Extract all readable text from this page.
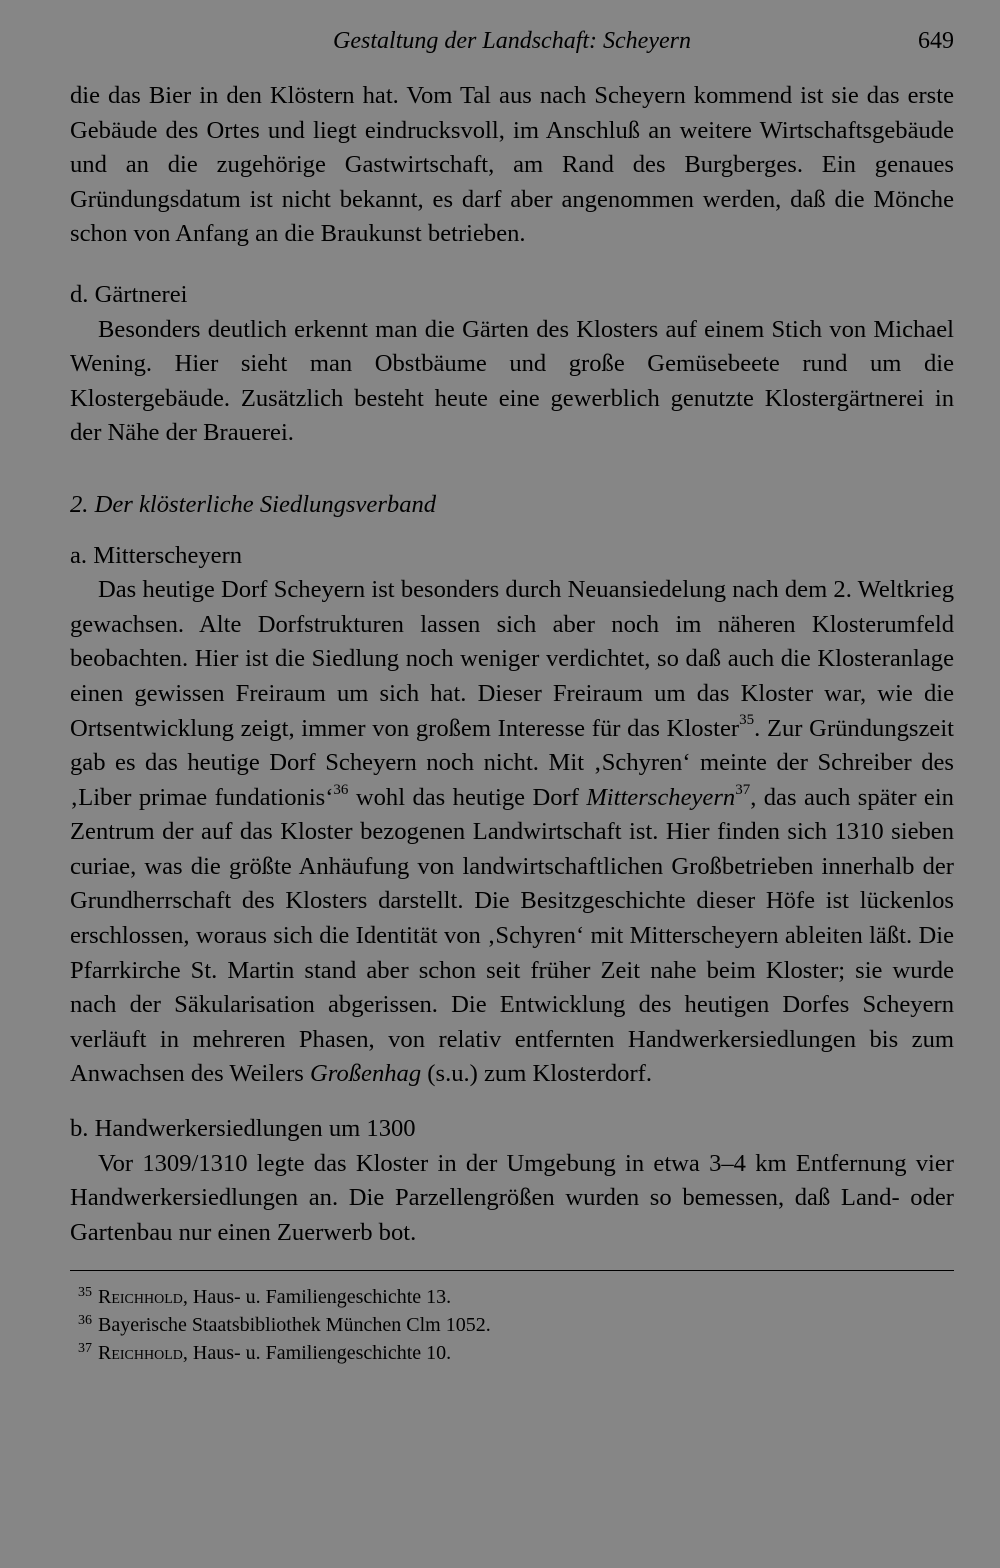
Gestaltung der Landschaft: Scheyern	649

die das Bier in den Klöstern hat. Vom Tal aus nach Scheyern kommend ist sie das erste Gebäude des Ortes und liegt eindrucksvoll, im Anschluß an weitere Wirtschaftsgebäude und an die zugehörige Gastwirtschaft, am Rand des Burgberges. Ein genaues Gründungsdatum ist nicht bekannt, es darf aber angenommen werden, daß die Mönche schon von Anfang an die Braukunst betrieben.

d. Gärtnerei

Besonders deutlich erkennt man die Gärten des Klosters auf einem Stich von Michael Wening. Hier sieht man Obstbäume und große Gemüsebeete rund um die Klostergebäude. Zusätzlich besteht heute eine gewerblich genutzte Klostergärtnerei in der Nähe der Brauerei.

2. Der klösterliche Siedlungsverband

a. Mitterscheyern

Das heutige Dorf Scheyern ist besonders durch Neuansiedelung nach dem 2. Weltkrieg gewachsen. Alte Dorfstrukturen lassen sich aber noch im näheren Klosterumfeld beobachten. Hier ist die Siedlung noch weniger verdichtet, so daß auch die Klosteranlage einen gewissen Freiraum um sich hat. Dieser Freiraum um das Kloster war, wie die Ortsentwicklung zeigt, immer von großem Interesse für das Kloster$^{35}$. Zur Gründungszeit gab es das heutige Dorf Scheyern noch nicht. Mit ‚Schyren‘ meinte der Schreiber des ‚Liber primae fundationis‘$^{36}$ wohl das heutige Dorf Mitterscheyern$^{37}$, das auch später ein Zentrum der auf das Kloster bezogenen Landwirtschaft ist. Hier finden sich 1310 sieben curiae, was die größte Anhäufung von landwirtschaftlichen Großbetrieben innerhalb der Grundherrschaft des Klosters darstellt. Die Besitzgeschichte dieser Höfe ist lückenlos erschlossen, woraus sich die Identität von ‚Schyren‘ mit Mitterscheyern ableiten läßt. Die Pfarrkirche St. Martin stand aber schon seit früher Zeit nahe beim Kloster; sie wurde nach der Säkularisation abgerissen. Die Entwicklung des heutigen Dorfes Scheyern verläuft in mehreren Phasen, von relativ entfernten Handwerkersiedlungen bis zum Anwachsen des Weilers Großenhag (s.u.) zum Klosterdorf.

b. Handwerkersiedlungen um 1300

Vor 1309/1310 legte das Kloster in der Umgebung in etwa 3–4 km Entfernung vier Handwerkersiedlungen an. Die Parzellengrößen wurden so bemessen, daß Land- oder Gartenbau nur einen Zuerwerb bot.

$^{35}$ Reichhold, Haus- u. Familiengeschichte 13.
$^{36}$ Bayerische Staatsbibliothek München Clm 1052.
$^{37}$ Reichhold, Haus- u. Familiengeschichte 10.
